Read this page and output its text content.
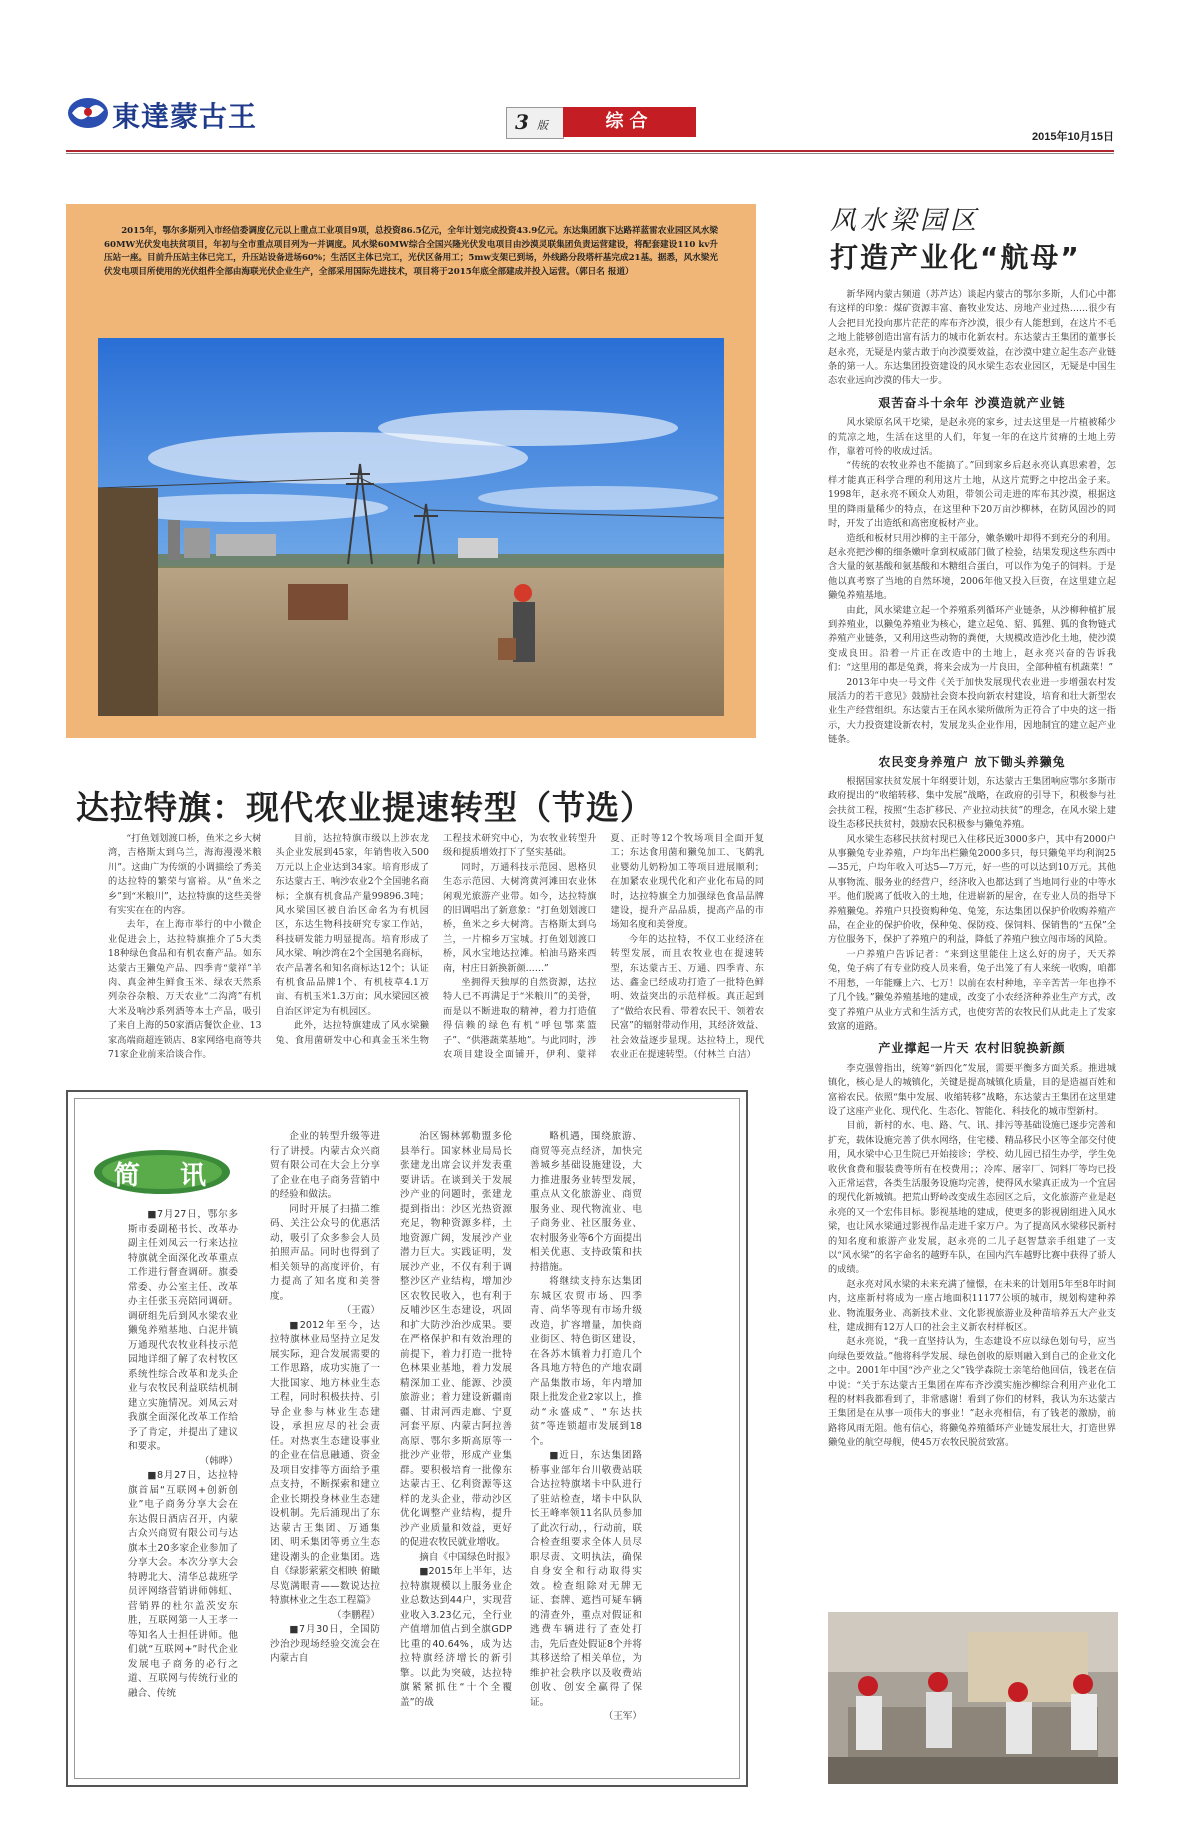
東達蒙古王	3 版	综合
2015年10月15日
2015年，鄂尔多斯列入市经信委调度亿元以上重点工业项目9项，总投资86.5亿元，全年计划完成投资43.9亿元。东达集团旗下达路祥蓝雷农业园区风水梁60MW光伏发电扶贫项目，年初与全市重点项目列为一并调度。风水梁60MW综合全国兴隆光伏发电项目由沙漠灵联集团负责运营建设，将配套建设110 kv升压站一座。目前升压站主体已完工，升压站设备进场60%；生活区主体已完工，光伏区备用工；5mw支架已到场，外线路分段塔杆基完成21基。据悉，风水梁光伏发电项目所使用的光伏组件全部由海联光伏企业生产，全部采用国际先进技术，项目将于2015年底全部建成并投入运营。（郭日名 报道）
达拉特旗：现代农业提速转型（节选）

“打鱼划划渡口桥，鱼米之乡大树湾，吉格斯太到乌兰，海海漫漫米粮川”。这曲广为传颂的小调描绘了秀美的达拉特的繁荣与富裕。从“鱼米之乡”到“米粮川”，达拉特旗的这些美誉有实实在在的内容。

去年，在上海市举行的中小微企业促进会上，达拉特旗推介了5大类18种绿色食品和有机农畜产品。如东达蒙古王獭兔产品、四季青“蒙祥”羊肉、真金神生鲜食玉米、绿农天然系列杂谷杂粮、万天农业“二沟湾”有机大米及响沙系列酒等本土产品，吸引了来自上海的50家酒店餐饮企业、13家高端商超连锁店、8家网络电商等共71家企业前来洽谈合作。

目前，达拉特旗市级以上涉农龙头企业发展到45家，年销售收入500万元以上企业达到34家。培育形成了东达蒙古王、响沙农业2个全国驰名商标；全旗有机食品产量99896.3吨；风水梁国区被自治区命名为有机园区，东达生物科技研究专家工作站，科技研发能力明显提高。培育形成了风水梁、响沙湾在2个全国驰名商标，农产品著名和知名商标达12个；认证有机食品品牌1个、有机枝草4.1万亩、有机玉米1.3万亩；风水梁园区被自治区评定为有机园区。

此外，达拉特旗建成了风水梁獭兔、食用菌研发中心和真金玉米生物工程技术研究中心，为农牧业转型升级和提质增效打下了坚实基础。

同时，万通科技示范园、恩格贝生态示范园、大树湾黄河滩田农业休闲观光旅游产业带。如今，达拉特旗的旧调唱出了新意象：“打鱼划划渡口桥，鱼米之乡大树湾。吉格斯太到乌兰，一片棉乡万宝城。打鱼划划渡口桥，风水宝地达拉滩。柏油马路来西南，村庄日新换新颜……”

坐拥得天独厚的自然资源，达拉特人已不再满足于“米粮川”的美誉，而是以不断进取的精神，着力打造值得信赖的绿色有机“呼包鄂菜篮子”、“供港蔬菜基地”。与此同时，涉农项目建设全面铺开，伊利、蒙祥夏、正时等12个牧场项目全面开复工；东达食用菌和獭兔加工、飞鹤乳业婴幼儿奶粉加工等项目进展顺利；在加紧农业现代化和产业化布局的同时，达拉特旗全力加强绿色食品品牌建设，提升产品品质，提高产品的市场知名度和美誉度。

今年的达拉特，不仅工业经济在转型发展，而且农牧业也在提速转型，东达蒙古王、万通、四季青、东达、鑫金已经成功打造了一批特色鲜明、效益突出的示范样板。真正起到了“做给农民看、带着农民干、领着农民富”的辐射带动作用，其经济效益、社会效益逐步显现。达拉特上，现代农业正在提速转型。（付林兰 白洁）

简 讯

■7月27日，鄂尔多斯市委副秘书长、改革办副主任刘凤云一行来达拉特旗就全面深化改革重点工作进行督查调研。旗委常委、办公室主任、改革办主任张玉亮陪同调研。调研组先后到风水梁农业獭兔养殖基地、白泥井镇万通现代农牧业科技示范园地详细了解了农村牧区系统性综合改革和龙头企业与农牧民利益联结机制建立实施情况。刘凤云对我旗全面深化改革工作给予了肯定，并提出了建议和要求。

（韩晔）

■8月27日，达拉特旗首届“互联网+创新创业”电子商务分享大会在东达假日酒店召开，内蒙古众兴商贸有限公司与达旗本土20多家企业参加了分享大会。本次分享大会特聘北大、清华总裁班学员评网络营销讲师韩虹、营销界的杜尔盖茨安东胜，互联网第一人王孝一等知名人士担任讲师。他们就“互联网+”时代企业发展电子商务的必行之道、互联网与传统行业的融合、传统

企业的转型升级等进行了讲授。内蒙古众兴商贸有限公司在大会上分享了企业在电子商务营销中的经验和做法。

同时开展了扫描二维码、关注公众号的优惠活动，吸引了众多参会人员拍照声品。同时也得到了相关领导的高度评价，有力提高了知名度和美誉度。

（王霞）

■2012年至今，达拉特旗林业局坚持立足发展实际，迎合发展需要的工作思路，成功实施了一大批国家、地方林业生态工程，同时积极扶持、引导企业参与林业生态建设，承担应尽的社会责任。对热衷生态建设事业的企业在信息融通、资金及项目安排等方面给予重点支持，不断探索和建立企业长期投身林业生态建设机制。先后涌现出了东达蒙古王集团、万通集团、明禾集团等勇立生态建设潮头的企业集团。选自《绿影萦萦交相映 俯瞰尽览满眼青——数说达拉特旗林业之生态工程篇》

（李鹏程）

■7月30日，全国防沙治沙现场经验交流会在内蒙古自

治区锡林郭勒盟多伦县举行。国家林业局局长张建龙出席会议并发表重要讲话。在谈到关于发展沙产业的问题时，张建龙提到指出：沙区光热资源充足，物种资源多样，土地资源广阔，发展沙产业潜力巨大。实践证明，发展沙产业，不仅有利于调整沙区产业结构，增加沙区农牧民收入，也有利于反哺沙区生态建设，巩固和扩大防沙治沙成果。要在严格保护和有效治理的前提下，着力打造一批特色林果业基地，着力发展精深加工业、能源、沙漠旅游业；着力建设新疆南疆、甘肃河西走廊、宁夏河套平原、内蒙古阿拉善高原、鄂尔多斯高原等一批沙产业带，形成产业集群。要积极培育一批像东达蒙古王、亿利资源等这样的龙头企业，带动沙区优化调整产业结构，提升沙产业质量和效益，更好的促进农牧民就业增收。

摘自《中国绿色时报》

■2015年上半年，达拉特旗规模以上服务业企业总数达到44户，实现营业收入3.23亿元，全行业产值增加值占到全旗GDP比重的40.64%，成为达拉特旗经济增长的新引擎。以此为突破，达拉特旗紧紧抓住“十个全覆盖”的战

略机遇，围绕旅游、商贸等亮点经济，加快完善城乡基础设施建设，大力推进服务业转型发展，重点从文化旅游业、商贸服务业、现代物流业、电子商务业、社区服务业、农村服务业等6个方面提出相关优惠、支持政策和扶持措施。

将继续支持东达集团东城区农贸市场、四季青、尚华等现有市场升级改造，扩容增量，加快商业街区、特色街区建设，在各苏木镇着力打造几个各具地方特色的产地农副产品集散市场，年内增加限上批发企业2家以上，推动“永盛成”、“东达扶贫”等连锁超市发展到18个。

■近日，东达集团路桥事业部年台川敬费站联合达拉特旗堵卡中队进行了驻站检查，堵卡中队队长王峰率领11名队员参加了此次行动，，行动前，联合检查组要求全体人员尽职尽责、文明执法，确保自身安全和行动取得实效。检查组除对无牌无证、套牌、遮挡可疑车辆的清查外，重点对假证和逃费车辆进行了查处打击，先后查处假证8个并将其移送给了相关单位，为维护社会秩序以及收费站创收、创安全赢得了保证。

（王军）

风水梁园区
打造产业化“航母”

新华网内蒙古频道（苏芦达）谈起内蒙古的鄂尔多斯，人们心中都有这样的印象：煤矿资源丰富、畜牧业发达、房地产业过热……很少有人会把目光投向那片茫茫的库布齐沙漠，很少有人能想到，在这片不毛之地上能够创造出富有活力的城市化新农村。东达蒙古王集团的董事长赵永亮，无疑是内蒙古敢于向沙漠要效益，在沙漠中建立起生态产业链条的第一人。东达集团投资建设的风水梁生态农业园区，无疑是中国生态农业远向沙漠的伟大一步。

艰苦奋斗十余年 沙漠造就产业链

风水梁原名风干圪梁，是赵永亮的家乡，过去这里是一片植被稀少的荒凉之地，生活在这里的人们，年复一年的在这片贫瘠的土地上劳作，靠着可怜的收成过活。

“传统的农牧业养也不能搞了。”回到家乡后赵永亮认真思索着，怎样才能真正科学合理的利用这片土地，从这片荒野之中挖出金子来。1998年，赵永亮不顾众人劝阻，带领公司走进的库布其沙漠，根据这里的降雨量稀少的特点，在这里种下20万亩沙柳林，在防风固沙的同时，开发了出造纸和高密度板材产业。

造纸和板材只用沙柳的主干部分，嫩条嫩叶却得不到充分的利用。赵永亮把沙柳的细条嫩叶拿到权威部门做了检验，结果发现这些东西中含大量的氨基酸和氨基酸和木糖组合蛋白，可以作为兔子的饲料。于是他以真考察了当地的自然环境，2006年他又投入巨资，在这里建立起獭兔养殖基地。

由此，风水梁建立起一个养殖系列循环产业链条，从沙柳种植扩展到养殖业，以獭兔养殖业为核心，建立起兔、貂、狐狸、狐的食物链式养殖产业链条，又利用这些动物的粪便，大规模改造沙化土地，使沙漠变成良田。沿着一片正在改造中的土地上，赵永亮兴奋的告诉我们：“这里用的都是兔粪，将来会成为一片良田，全部种植有机蔬菜！”

2013年中央一号文件《关于加快发展现代农业进一步增强农村发展活力的若干意见》鼓励社会资本投向新农村建设，培育和壮大新型农业生产经营组织。东达蒙古王在风水梁所做所为正符合了中央的这一指示，大力投资建设新农村，发展龙头企业作用，因地制宜的建立起产业链条。

农民变身养殖户 放下锄头养獭兔

根据国家扶贫发展十年纲要计划，东达蒙古王集团响应鄂尔多斯市政府提出的“收缩转移、集中发展”战略，在政府的引导下，积极参与社会扶贫工程，按照“生态扩移民、产业拉动扶贫”的理念，在风水梁上建设生态移民扶贫村，鼓励农民积极参与獭兔养殖。

风水梁生态移民扶贫村现已入住移民近3000多户，其中有2000户从事獭兔专业养殖，户均年出栏獭兔2000多只，每只獭兔平均利润25—35元，户均年收入可达5—7万元，好一些的可以达到10万元。其他从事物流、服务业的经营户，经济收入也都达到了当地同行业的中等水平。他们脱离了低收入的土地，住进崭新的屋舍，在专业人员的指导下养殖獭兔。养殖户只投资购种兔、兔笼，东达集团以保护价收购养殖产品，在企业的保护价收，保种兔、保防疫、保饲料、保销售的“五保”全方位服务下，保护了养殖户的利益，降低了养殖户独立闯市场的风险。

一户养殖户告诉记者：“来到这里能住上这么好的房子，天天养兔，兔子病了有专业防疫人员来看，兔子出笼了有人来统一收购，咱都不用愁，一年能赚上六、七万！以前在农村种地，辛辛苦苦一年也挣不了几个钱。”獭兔养殖基地的建成，改变了小农经济种养业生产方式，改变了养殖户从业方式和生活方式，也使穷苦的农牧民们从此走上了发家致富的道路。

产业撑起一片天 农村旧貌换新颜

李克强曾指出，统筹“新四化”发展，需要平衡多方面关系。推进城镇化，核心是人的城镇化，关键是提高城镇化质量，目的是造福百姓和富裕农民。依照“集中发展、收缩转移”战略，东达蒙古王集团在这里建设了这座产业化、现代化、生态化、智能化、科技化的城市型新村。

目前，新村的水、电、路、气、讯、排污等基础设施已逐步完善和扩充，载体设施完善了供水网络，住宅楼、精品移民小区等全部交付使用，风水梁中心卫生院已开始接诊；学校、幼儿园已招生办学，学生免收伙食费和服装费等所有在校费用；；冷库、屠宰厂、饲料厂等均已投入正常运营，各类生活服务设施均完善，使得风水梁真正成为一个宜居的现代化新城镇。把荒山野岭改变成生态园区之后，文化旅游产业是赵永亮的又一个宏伟目标。影视基地的建成，使更多的影视剧组进入风水梁，也让风水梁通过影视作品走进千家万户。为了提高风水梁移民新村的知名度和旅游产业发展，赵永亮的二儿子赵智慧亲手组建了一支以“风水梁”的名字命名的越野车队，在国内汽车越野比赛中获得了骄人的成绩。

赵永亮对风水梁的未来充满了憧憬，在未来的计划用5年至8年时间内，这座新村将成为一座占地面积11177公顷的城市，规划构建种养业、物流服务业、高新技术业、文化影视旅游业及种苗培养五大产业支柱，建成拥有12万人口的社会主义新农村样板区。

赵永亮说，“我一直坚持认为，生态建设不应以绿色划句号，应当向绿色要效益。”他将科学发展、绿色创收的原则融入到自己的企业文化之中。2001年中国“沙产业之父”钱学森院士亲笔给他回信，钱老在信中说：“关于东达蒙古王集团在库布齐沙漠实施沙柳综合利用产业化工程的材料我都看到了，非常感谢！看到了你们的材料，我认为东达蒙古王集团是在从事一项伟大的事业！”赵永亮相信，有了钱老的激励，前路将风雨无阻。他有信心，将獭兔养殖循环产业链发展壮大，打造世界獭兔业的航空母舰，使45万农牧民脱贫致富。
